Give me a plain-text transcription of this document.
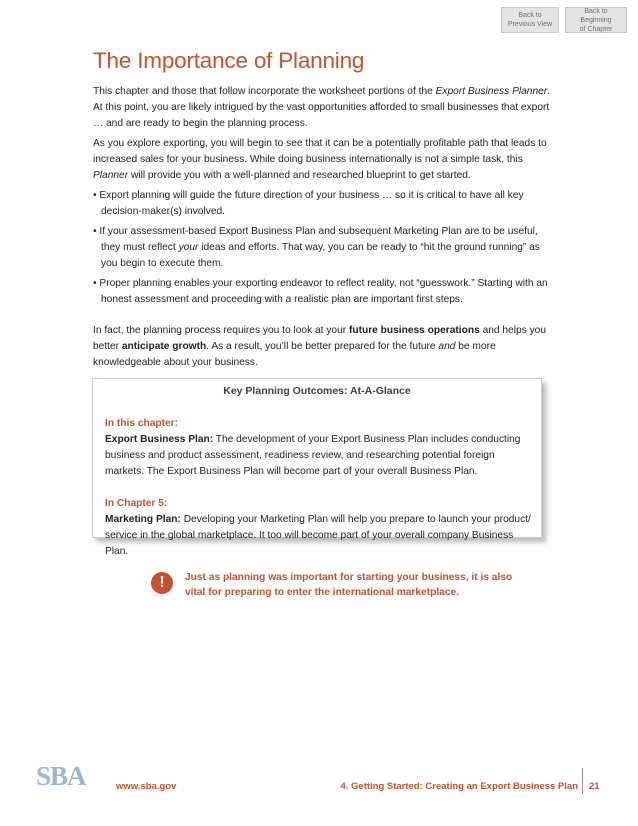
Back to
Previous View
Back to Beginning
of Chapter
The Importance of Planning

This chapter and those that follow incorporate the worksheet portions of the Export Business Planner. At this point, you are likely intrigued by the vast opportunities afforded to small businesses that export … and are ready to begin the planning process.

As you explore exporting, you will begin to see that it can be a potentially profitable path that leads to increased sales for your business. While doing business internationally is not a simple task, this Planner will provide you with a well-planned and researched blueprint to get started.

• Export planning will guide the future direction of your business … so it is critical to have all key decision-maker(s) involved.

• If your assessment-based Export Business Plan and subsequent Marketing Plan are to be useful, they must reflect your ideas and efforts. That way, you can be ready to “hit the ground running” as you begin to execute them.

• Proper planning enables your exporting endeavor to reflect reality, not “guesswork.” Starting with an honest assessment and proceeding with a realistic plan are important first steps.

In fact, the planning process requires you to look at your future business operations and helps you better anticipate growth. As a result, you’ll be better prepared for the future and be more knowledgeable about your business.

Key Planning Outcomes: At-A-Glance
In this chapter:
Export Business Plan: The development of your Export Business Plan includes conducting business and product assessment, readiness review, and researching potential foreign markets. The Export Business Plan will become part of your overall Business Plan.
In Chapter 5:
Marketing Plan: Developing your Marketing Plan will help you prepare to launch your product/ service in the global marketplace. It too will become part of your overall company Business Plan.
!	Just as planning was important for starting your business, it is also vital for preparing to enter the international marketplace.
SBA	www.sba.gov	4. Getting Started: Creating an Export Business Plan 21
